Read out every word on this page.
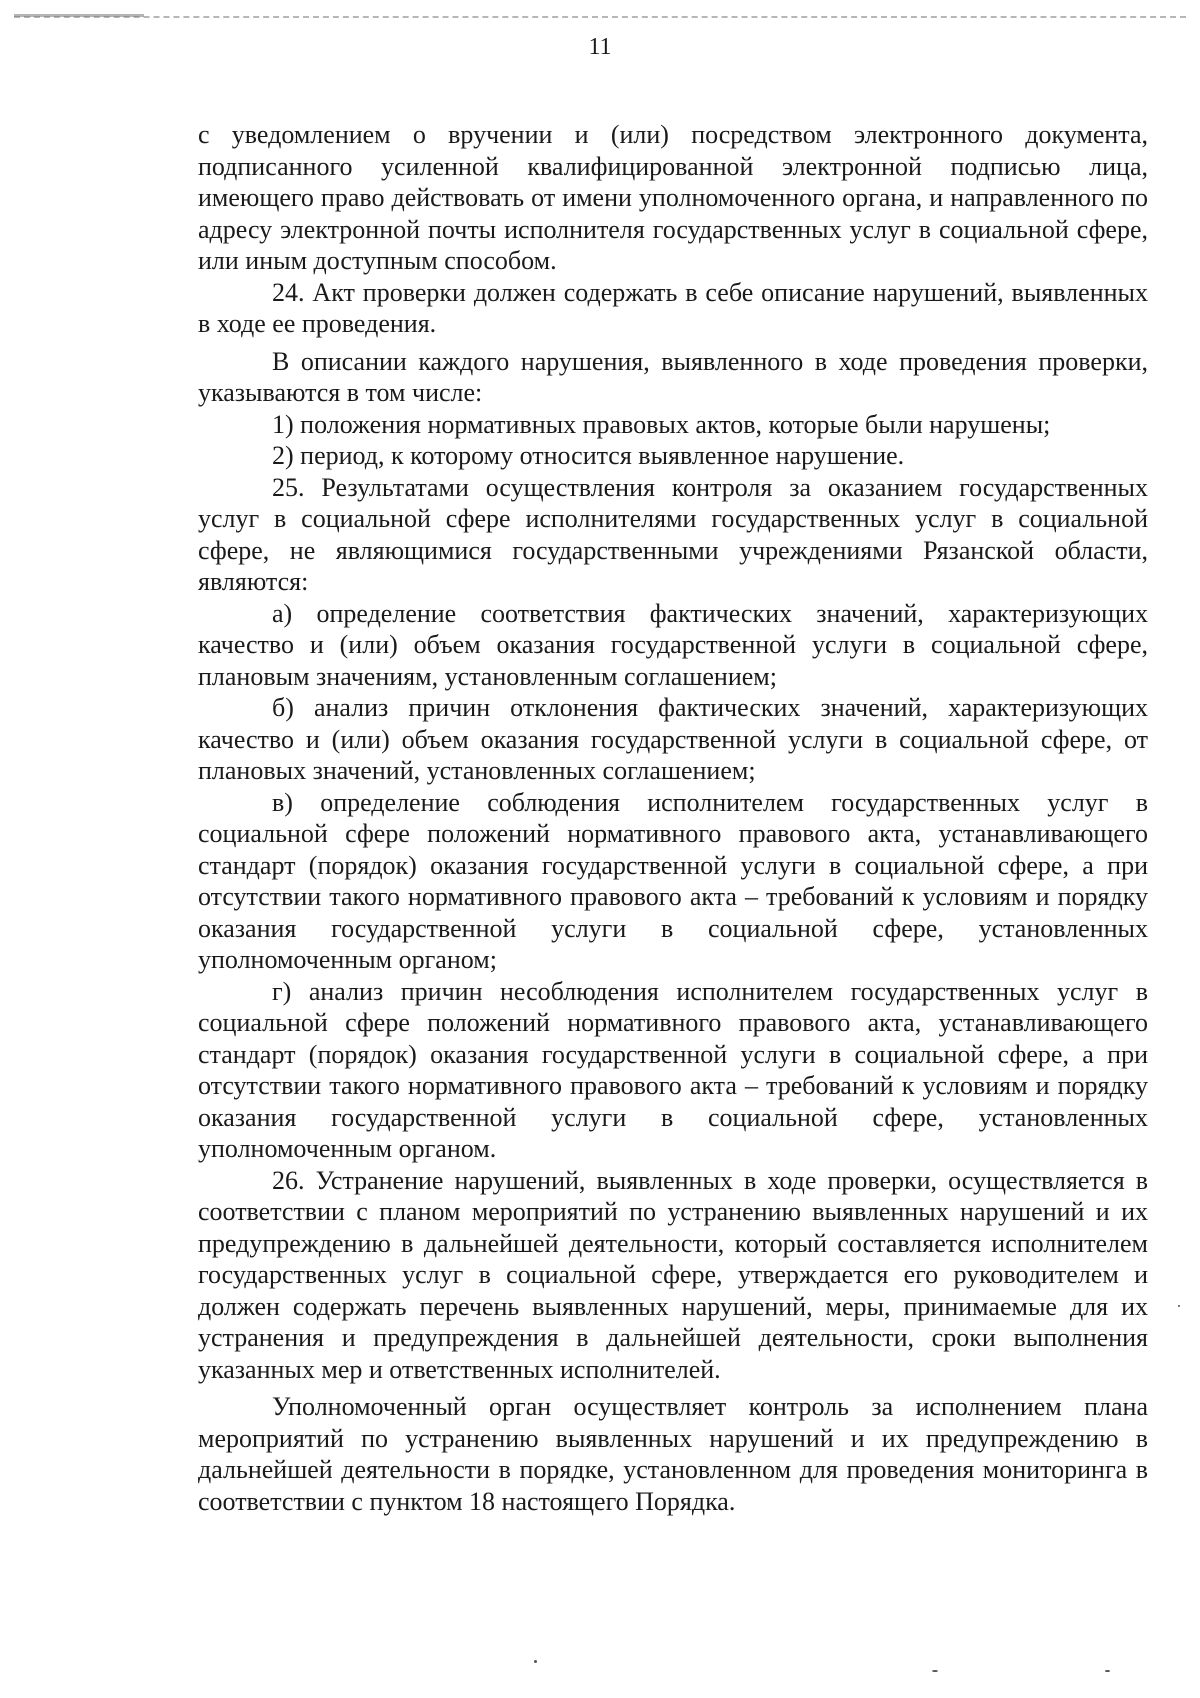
11

с уведомлением о вручении и (или) посредством электронного документа, подписанного усиленной квалифицированной электронной подписью лица, имеющего право действовать от имени уполномоченного органа, и направленного по адресу электронной почты исполнителя государственных услуг в социальной сфере, или иным доступным способом.

24. Акт проверки должен содержать в себе описание нарушений, выявленных в ходе ее проведения.

В описании каждого нарушения, выявленного в ходе проведения проверки, указываются в том числе:

1) положения нормативных правовых актов, которые были нарушены;

2) период, к которому относится выявленное нарушение.

25. Результатами осуществления контроля за оказанием государственных услуг в социальной сфере исполнителями государственных услуг в социальной сфере, не являющимися государственными учреждениями Рязанской области, являются:

а) определение соответствия фактических значений, характеризующих качество и (или) объем оказания государственной услуги в социальной сфере, плановым значениям, установленным соглашением;

б) анализ причин отклонения фактических значений, характеризующих качество и (или) объем оказания государственной услуги в социальной сфере, от плановых значений, установленных соглашением;

в) определение соблюдения исполнителем государственных услуг в социальной сфере положений нормативного правового акта, устанавливающего стандарт (порядок) оказания государственной услуги в социальной сфере, а при отсутствии такого нормативного правового акта – требований к условиям и порядку оказания государственной услуги в социальной сфере, установленных уполномоченным органом;

г) анализ причин несоблюдения исполнителем государственных услуг в социальной сфере положений нормативного правового акта, устанавливающего стандарт (порядок) оказания государственной услуги в социальной сфере, а при отсутствии такого нормативного правового акта – требований к условиям и порядку оказания государственной услуги в социальной сфере, установленных уполномоченным органом.

26. Устранение нарушений, выявленных в ходе проверки, осуществляется в соответствии с планом мероприятий по устранению выявленных нарушений и их предупреждению в дальнейшей деятельности, который составляется исполнителем государственных услуг в социальной сфере, утверждается его руководителем и должен содержать перечень выявленных нарушений, меры, принимаемые для их устранения и предупреждения в дальнейшей деятельности, сроки выполнения указанных мер и ответственных исполнителей.

Уполномоченный орган осуществляет контроль за исполнением плана мероприятий по устранению выявленных нарушений и их предупреждению в дальнейшей деятельности в порядке, установленном для проведения мониторинга в соответствии с пунктом 18 настоящего Порядка.
